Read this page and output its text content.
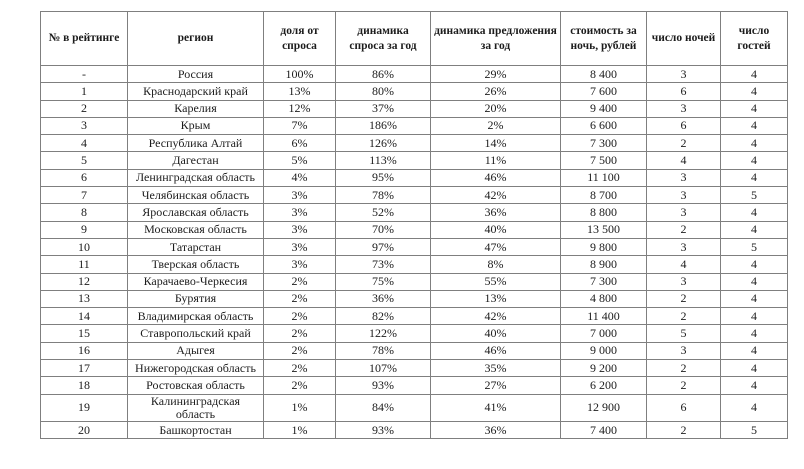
№ в рейтинге	регион	доля от спроса	динамика спроса за год	динамика предложения за год	стоимость за ночь, рублей	число ночей	число гостей
-	Россия	100%	86%	29%	8 400	3	4
1	Краснодарский край	13%	80%	26%	7 600	6	4
2	Карелия	12%	37%	20%	9 400	3	4
3	Крым	7%	186%	2%	6 600	6	4
4	Республика Алтай	6%	126%	14%	7 300	2	4
5	Дагестан	5%	113%	11%	7 500	4	4
6	Ленинградская область	4%	95%	46%	11 100	3	4
7	Челябинская область	3%	78%	42%	8 700	3	5
8	Ярославская область	3%	52%	36%	8 800	3	4
9	Московская область	3%	70%	40%	13 500	2	4
10	Татарстан	3%	97%	47%	9 800	3	5
11	Тверская область	3%	73%	8%	8 900	4	4
12	Карачаево-Черкесия	2%	75%	55%	7 300	3	4
13	Бурятия	2%	36%	13%	4 800	2	4
14	Владимирская область	2%	82%	42%	11 400	2	4
15	Ставропольский край	2%	122%	40%	7 000	5	4
16	Адыгея	2%	78%	46%	9 000	3	4
17	Нижегородская область	2%	107%	35%	9 200	2	4
18	Ростовская область	2%	93%	27%	6 200	2	4
19	Калининградская область	1%	84%	41%	12 900	6	4
20	Башкортостан	1%	93%	36%	7 400	2	5
